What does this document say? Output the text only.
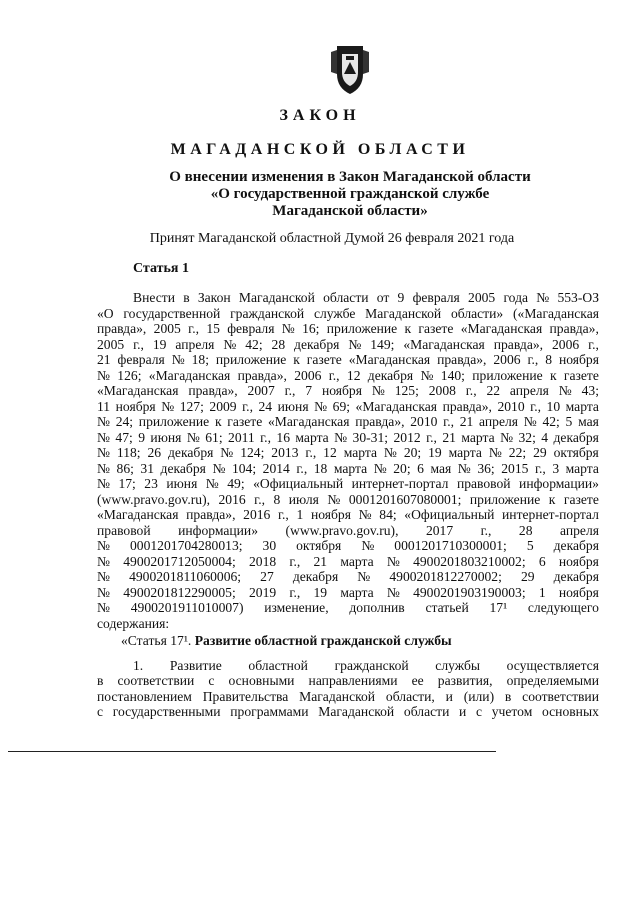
ЗАКОН
МАГАДАНСКОЙ ОБЛАСТИ
О внесении изменения в Закон Магаданской области
«О государственной гражданской службе
Магаданской области»
Принят Магаданской областной Думой 26 февраля 2021 года
Статья 1
Внести в Закон Магаданской области от 9 февраля 2005 года № 553-ОЗ
«О государственной гражданской службе Магаданской области» («Магаданская
правда», 2005 г., 15 февраля № 16; приложение к газете «Магаданская правда»,
2005 г., 19 апреля № 42; 28 декабря № 149; «Магаданская правда», 2006 г.,
21 февраля № 18; приложение к газете «Магаданская правда», 2006 г., 8 ноября
№ 126; «Магаданская правда», 2006 г., 12 декабря № 140; приложение к газете
«Магаданская правда», 2007 г., 7 ноября № 125; 2008 г., 22 апреля № 43;
11 ноября № 127; 2009 г., 24 июня № 69; «Магаданская правда», 2010 г., 10 марта
№ 24; приложение к газете «Магаданская правда», 2010 г., 21 апреля № 42; 5 мая
№ 47; 9 июня № 61; 2011 г., 16 марта № 30-31; 2012 г., 21 марта № 32; 4 декабря
№ 118; 26 декабря № 124; 2013 г., 12 марта № 20; 19 марта № 22; 29 октября
№ 86; 31 декабря № 104; 2014 г., 18 марта № 20; 6 мая № 36; 2015 г., 3 марта
№ 17; 23 июня № 49; «Официальный интернет-портал правовой информации»
(www.pravo.gov.ru), 2016 г., 8 июля № 0001201607080001; приложение к газете
«Магаданская правда», 2016 г., 1 ноября № 84; «Официальный интернет-портал
правовой информации» (www.pravo.gov.ru), 2017 г., 28 апреля
№ 0001201704280013; 30 октября № 0001201710300001; 5 декабря
№ 4900201712050004; 2018 г., 21 марта № 4900201803210002; 6 ноября
№ 4900201811060006; 27 декабря № 4900201812270002; 29 декабря
№ 4900201812290005; 2019 г., 19 марта № 4900201903190003; 1 ноября
№ 4900201911010007) изменение, дополнив статьей 17¹ следующего
содержания:
«Статья 17¹.
Развитие областной гражданской службы
1. Развитие областной гражданской службы осуществляется
в соответствии с основными направлениями ее развития, определяемыми
постановлением Правительства Магаданской области, и (или) в соответствии
с государственными программами Магаданской области и с учетом основных
